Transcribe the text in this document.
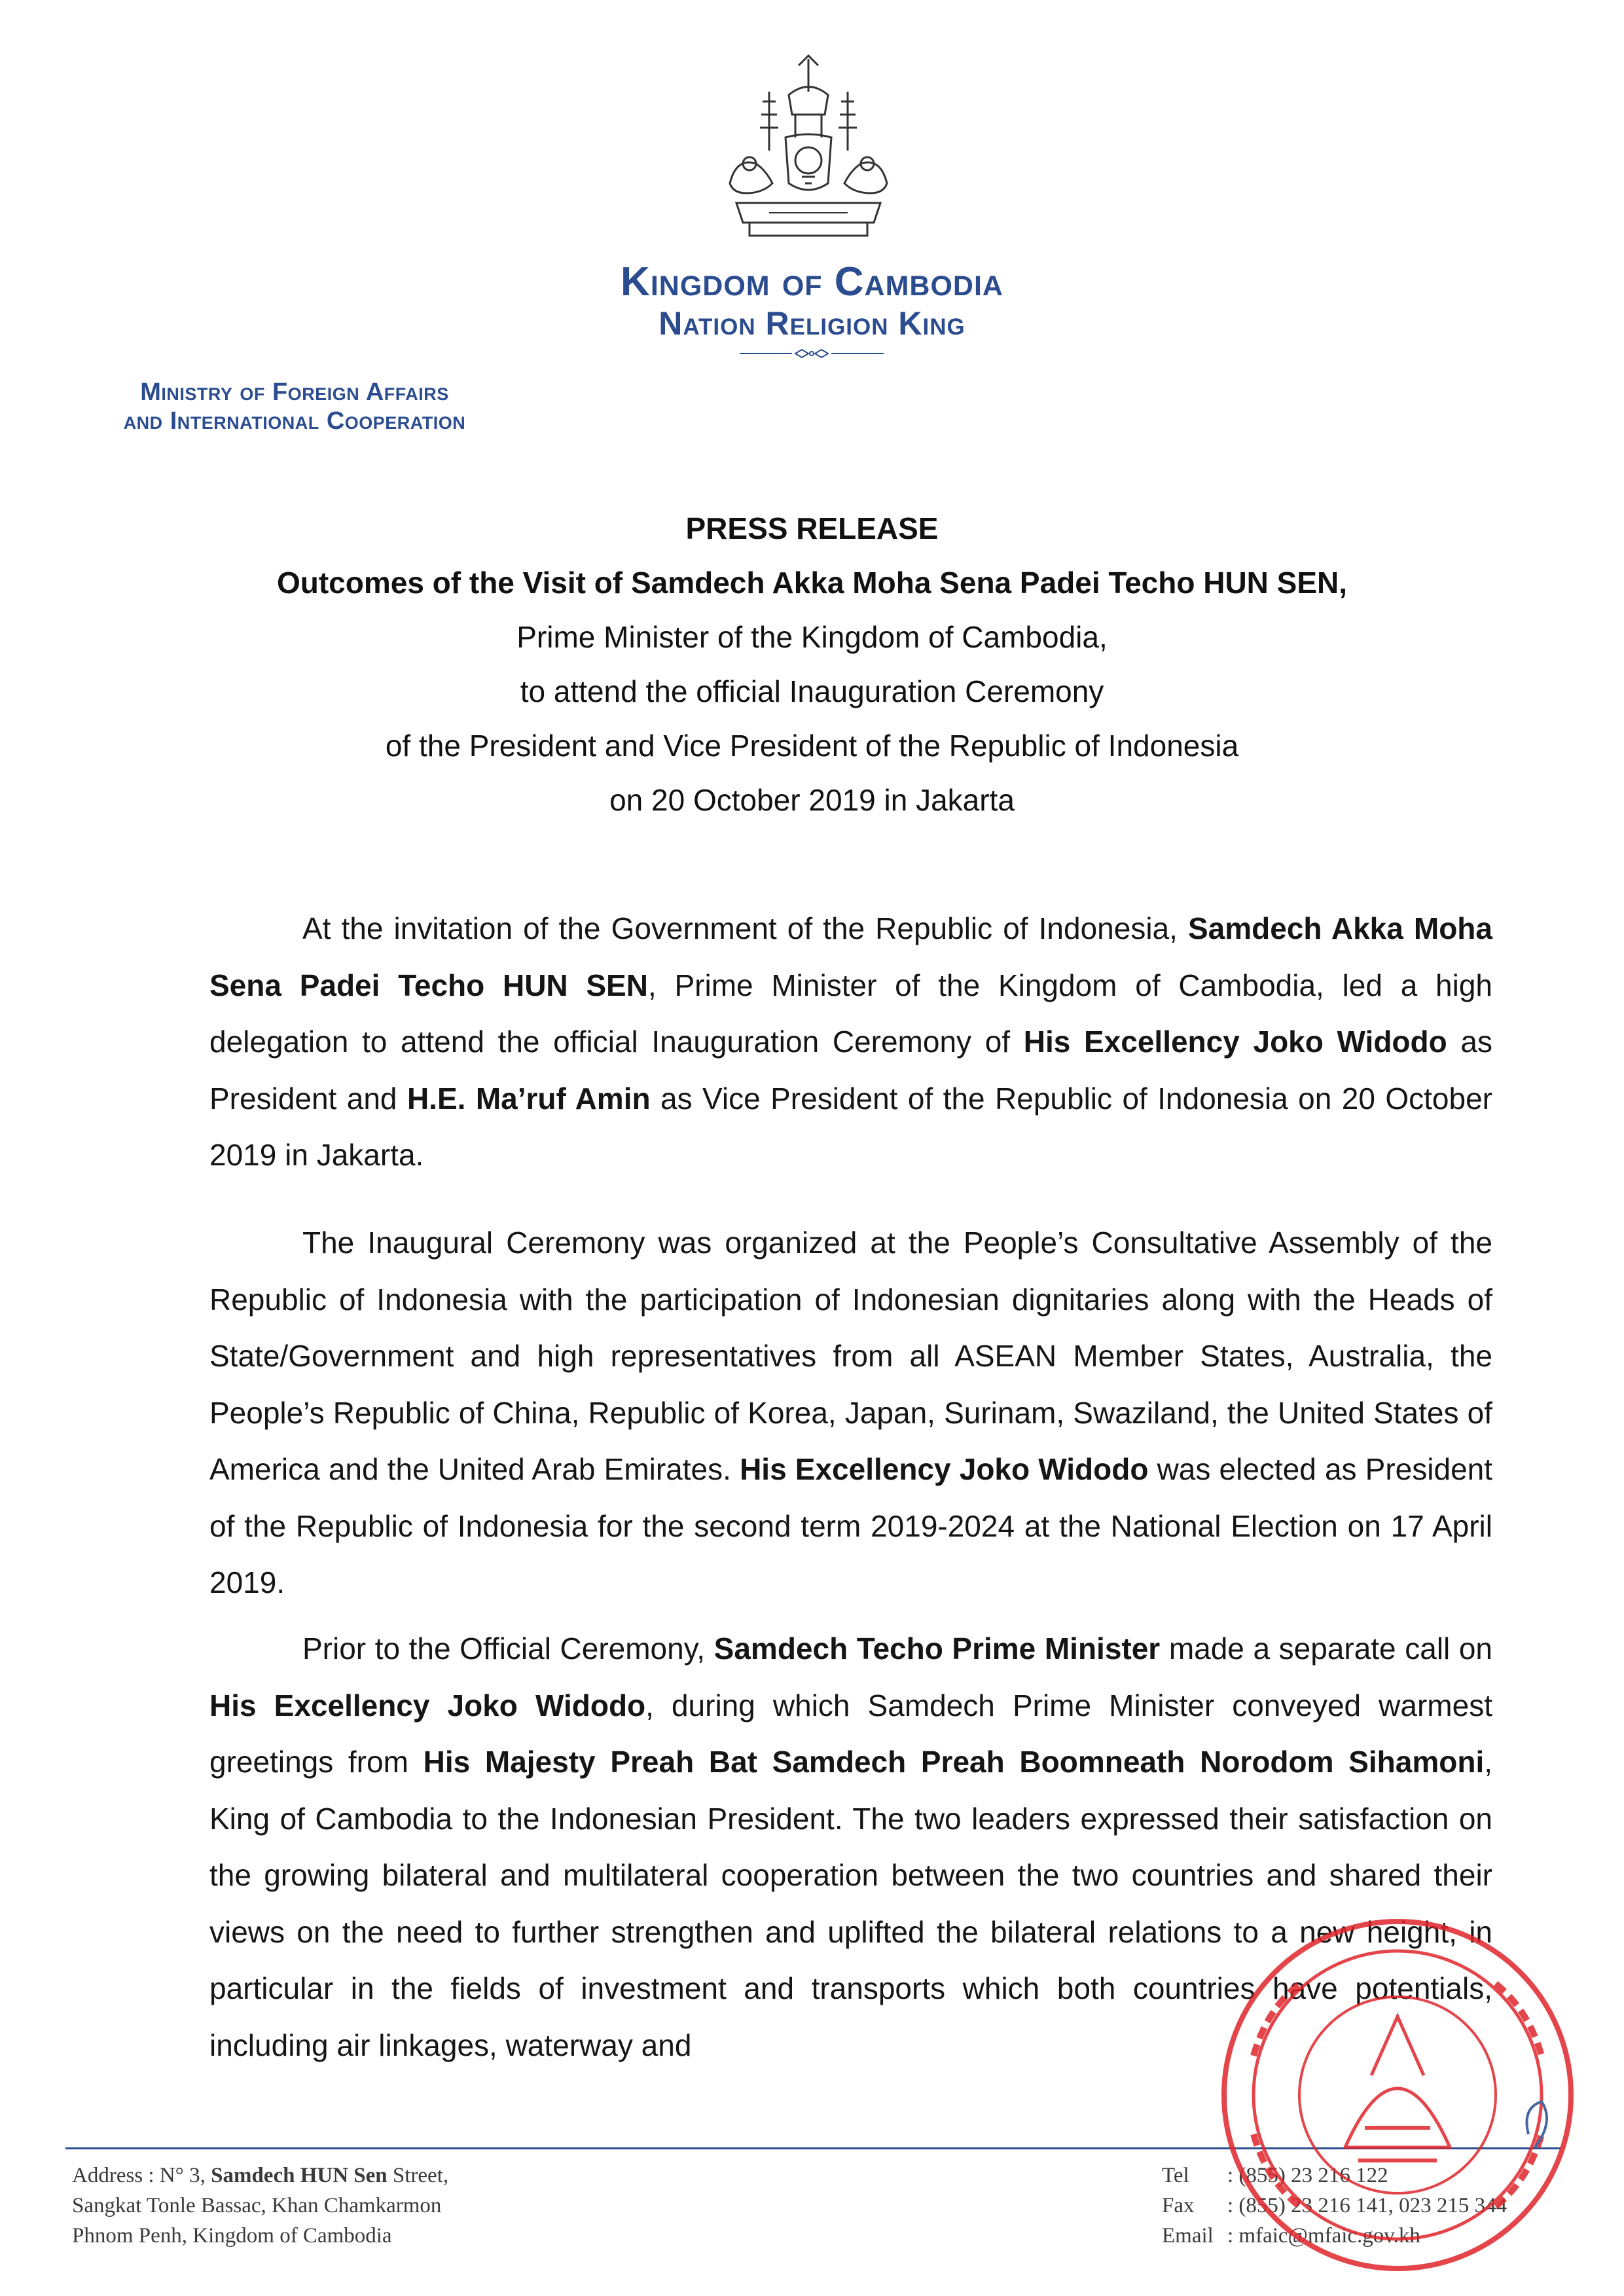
Kingdom of Cambodia
Nation Religion King
Ministry of Foreign Affairs
and International Cooperation
PRESS RELEASE
Outcomes of the Visit of Samdech Akka Moha Sena Padei Techo HUN SEN,
Prime Minister of the Kingdom of Cambodia,
to attend the official Inauguration Ceremony
of the President and Vice President of the Republic of Indonesia
on 20 October 2019 in Jakarta
At the invitation of the Government of the Republic of Indonesia, Samdech Akka Moha Sena Padei Techo HUN SEN, Prime Minister of the Kingdom of Cambodia, led a high delegation to attend the official Inauguration Ceremony of His Excellency Joko Widodo as President and H.E. Ma’ruf Amin as Vice President of the Republic of Indonesia on 20 October 2019 in Jakarta.
The Inaugural Ceremony was organized at the People’s Consultative Assembly of the Republic of Indonesia with the participation of Indonesian dignitaries along with the Heads of State/Government and high representatives from all ASEAN Member States, Australia, the People’s Republic of China, Republic of Korea, Japan, Surinam, Swaziland, the United States of America and the United Arab Emirates. His Excellency Joko Widodo was elected as President of the Republic of Indonesia for the second term 2019-2024 at the National Election on 17 April 2019.
Prior to the Official Ceremony, Samdech Techo Prime Minister made a separate call on His Excellency Joko Widodo, during which Samdech Prime Minister conveyed warmest greetings from His Majesty Preah Bat Samdech Preah Boomneath Norodom Sihamoni, King of Cambodia to the Indonesian President. The two leaders expressed their satisfaction on the growing bilateral and multilateral cooperation between the two countries and shared their views on the need to further strengthen and uplifted the bilateral relations to a new height, in particular in the fields of investment and transports which both countries have potentials, including air linkages, waterway and
Address : N° 3, Samdech HUN Sen Street,
Sangkat Tonle Bassac, Khan Chamkarmon
Phnom Penh, Kingdom of Cambodia
Tel : (855) 23 216 122
Fax : (855) 23 216 141, 023 215 344
Email : mfaic@mfaic.gov.kh
